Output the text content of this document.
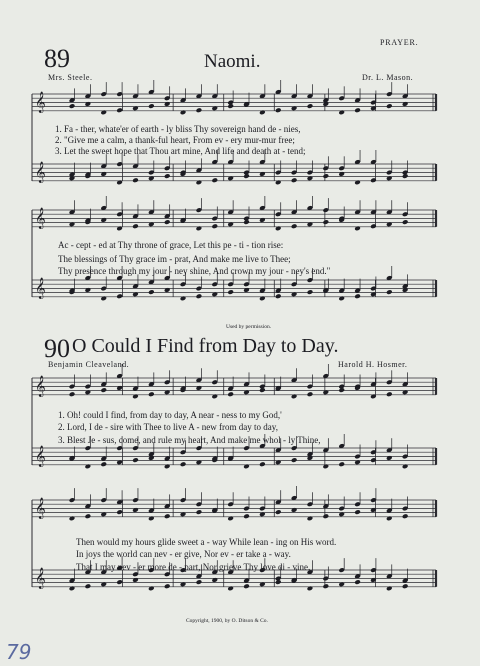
89	Naomi.
PRAYER.
Mrs. Steele.	Dr. L. Mason.
𝄞
𝄞
1. Fa - ther, whate'er of earth - ly bliss Thy sovereign hand de - nies,
2. "Give me a calm, a thank-ful heart, From ev - ery mur-mur free;
3. Let the sweet hope that Thou art mine, And life and death at - tend;
𝄞
𝄞
Ac - cept - ed at Thy throne of grace, Let this pe - ti - tion rise:
The blessings of Thy grace im - prat, And make me live to Thee;
Thy presence through my jour - ney shine, And crown my jour - ney's end."
Used by permission.
90 O Could I Find from Day to Day.
Benjamin Cleaveland.	Harold H. Hosmer.
𝄞
𝄞
1. Oh! could I find, from day to day, A near - ness to my God,'
2. Lord, I de - sire with Thee to live A - new from day to day,
3. Blest Je - sus, come, and rule my heart, And make me whol - ly Thine,
𝄞
𝄞
Then would my hours glide sweet a - way While lean - ing on His word.
In joys the world can nev - er give, Nor ev - er take a - way.
That I may nev - er more de - part, Nor grieve Thy love di - vine.
Copyright, 1900, by O. Ditson & Co.
79
